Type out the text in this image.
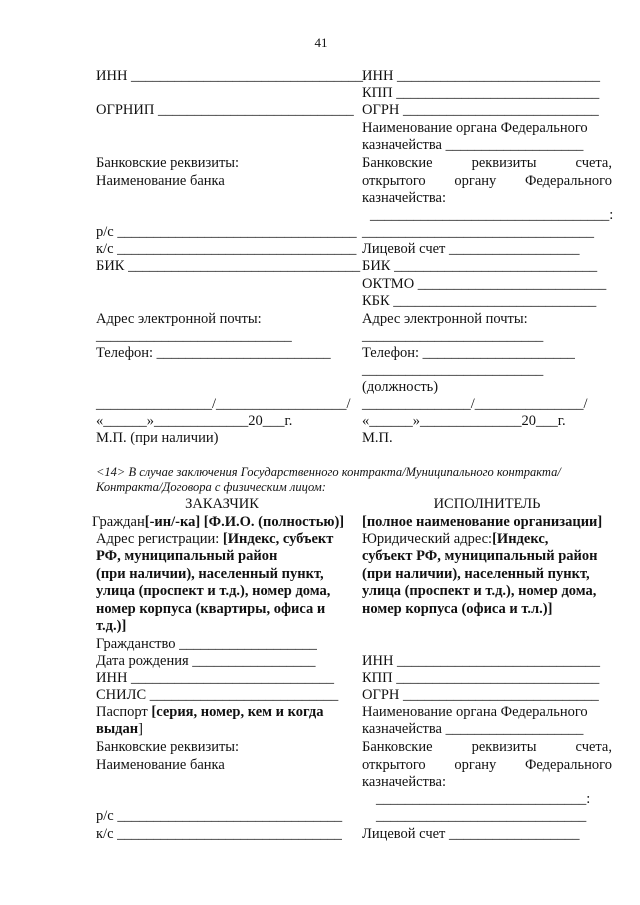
41
ИНН ________________________________
ОГРНИП ___________________________
Банковские реквизиты:
Наименование банка
р/с _________________________________
к/с _________________________________
БИК ________________________________
Адрес электронной почты:
___________________________
Телефон: ________________________
________________/__________________/
«______»_____________20___г.
М.П. (при наличии)
ИНН ____________________________
КПП ____________________________
ОГРН ___________________________
Наименование органа Федерального
казначейства ___________________
Банковские реквизиты счета,
открытого органу Федерального
казначейства:
_________________________________:
________________________________
Лицевой счет __________________
БИК ____________________________
ОКТМО __________________________
КБК ____________________________
Адрес электронной почты:
_________________________
Телефон: _____________________
_________________________
(должность)
_______________/_______________/
«______»______________20___г.
М.П.
<14> В случае заключения Государственного контракта/Муниципального контракта/
Контракта/Договора с физическим лицом:
ЗАКАЗЧИК
Граждан[-ин/-ка] [Ф.И.О. (полностью)]
Адрес регистрации: [Индекс, субъект
РФ, муниципальный район
(при наличии), населенный пункт,
улица (проспект и т.д.), номер дома,
номер корпуса (квартиры, офиса и
т.д.)]
Гражданство ___________________
Дата рождения _________________
ИНН ____________________________
СНИЛС __________________________
Паспорт [серия, номер, кем и когда
выдан]
Банковские реквизиты:
Наименование банка
р/с _______________________________
к/с _______________________________
ИСПОЛНИТЕЛЬ
[полное наименование организации]
Юридический адрес:[Индекс,
субъект РФ, муниципальный район
(при наличии), населенный пункт,
улица (проспект и т.д.), номер дома,
номер корпуса (офиса и т.л.)]
ИНН ____________________________
КПП ____________________________
ОГРН ___________________________
Наименование органа Федерального
казначейства ___________________
Банковские реквизиты счета,
открытого органу Федерального
казначейства:
_____________________________:
_____________________________
Лицевой счет __________________
